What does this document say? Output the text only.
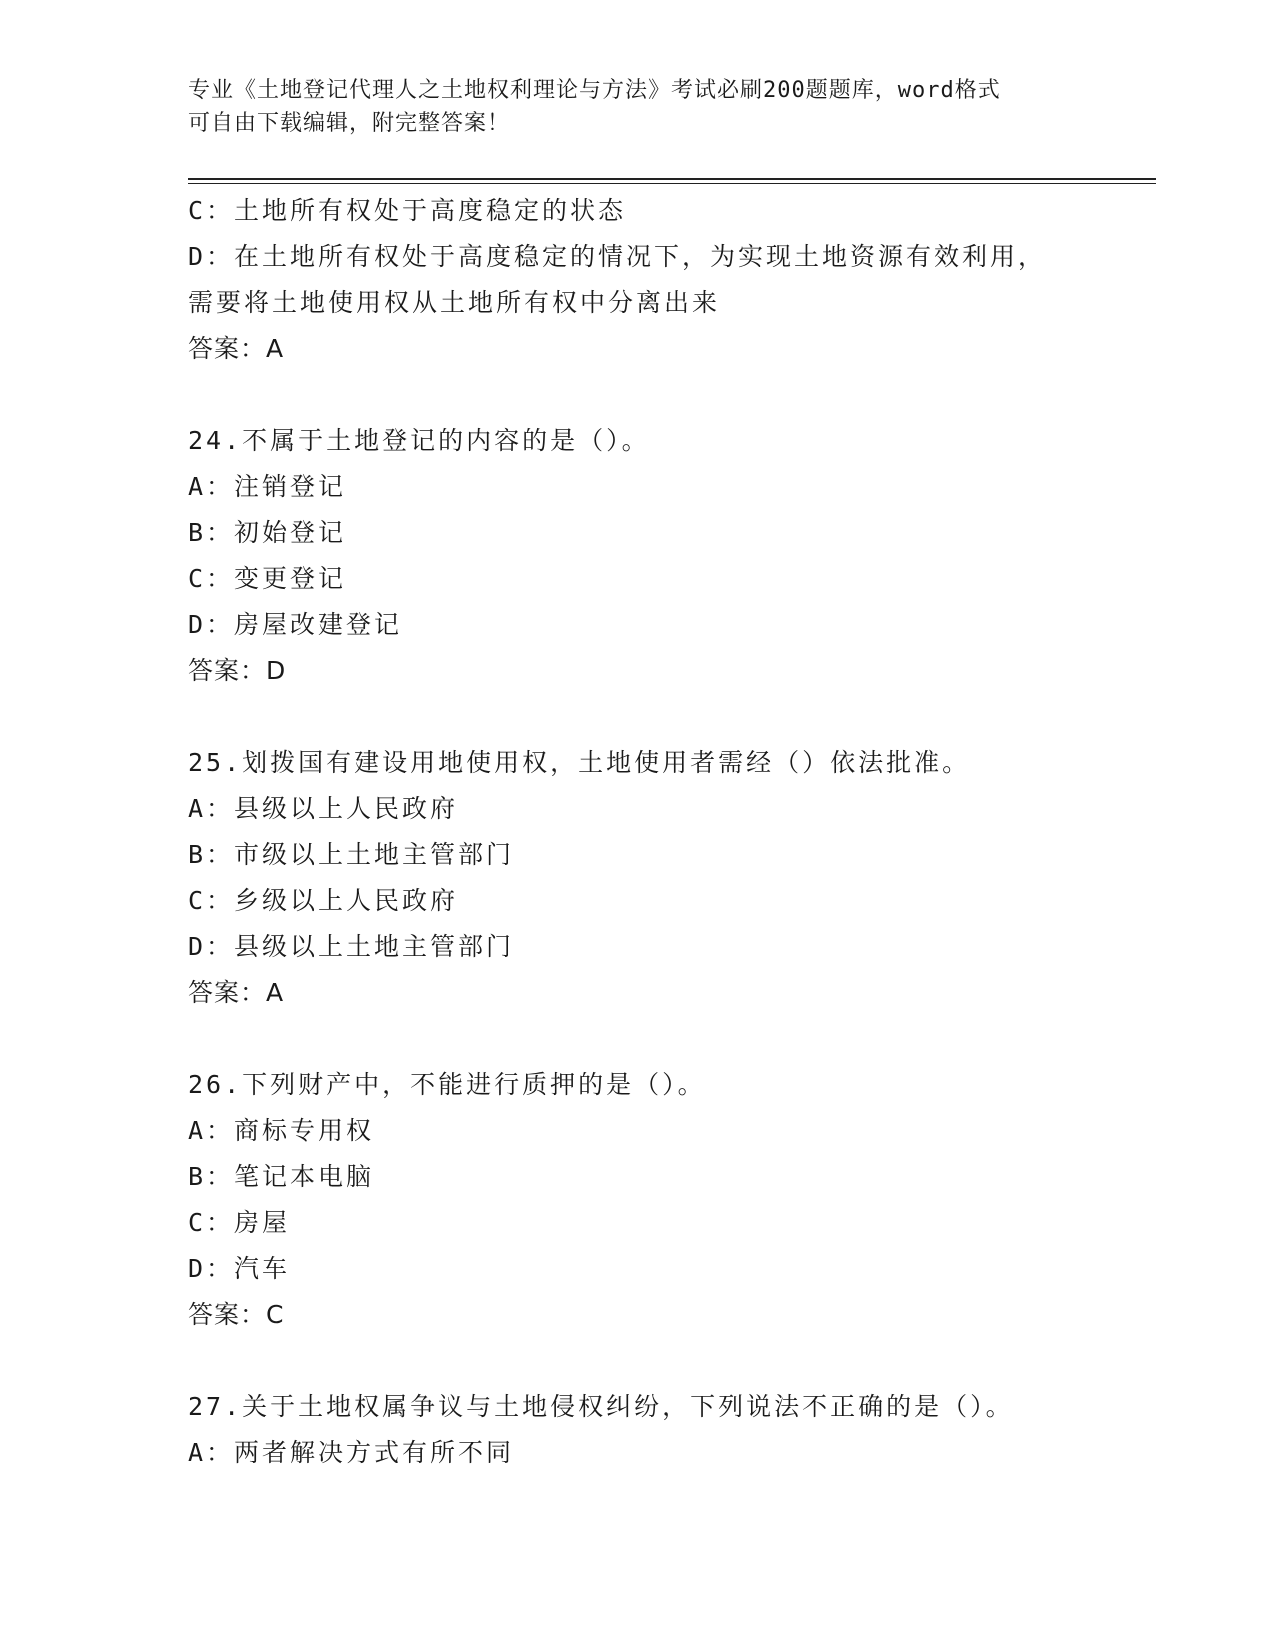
专业《土地登记代理人之土地权利理论与方法》考试必刷200题题库，word格式
可自由下载编辑，附完整答案！
C：土地所有权处于高度稳定的状态
D：在土地所有权处于高度稳定的情况下，为实现土地资源有效利用，
需要将土地使用权从土地所有权中分离出来
答案：A
24.不属于土地登记的内容的是（）。
A：注销登记
B：初始登记
C：变更登记
D：房屋改建登记
答案：D
25.划拨国有建设用地使用权，土地使用者需经（）依法批准。
A：县级以上人民政府
B：市级以上土地主管部门
C：乡级以上人民政府
D：县级以上土地主管部门
答案：A
26.下列财产中，不能进行质押的是（）。
A：商标专用权
B：笔记本电脑
C：房屋
D：汽车
答案：C
27.关于土地权属争议与土地侵权纠纷，下列说法不正确的是（）。
A：两者解决方式有所不同
